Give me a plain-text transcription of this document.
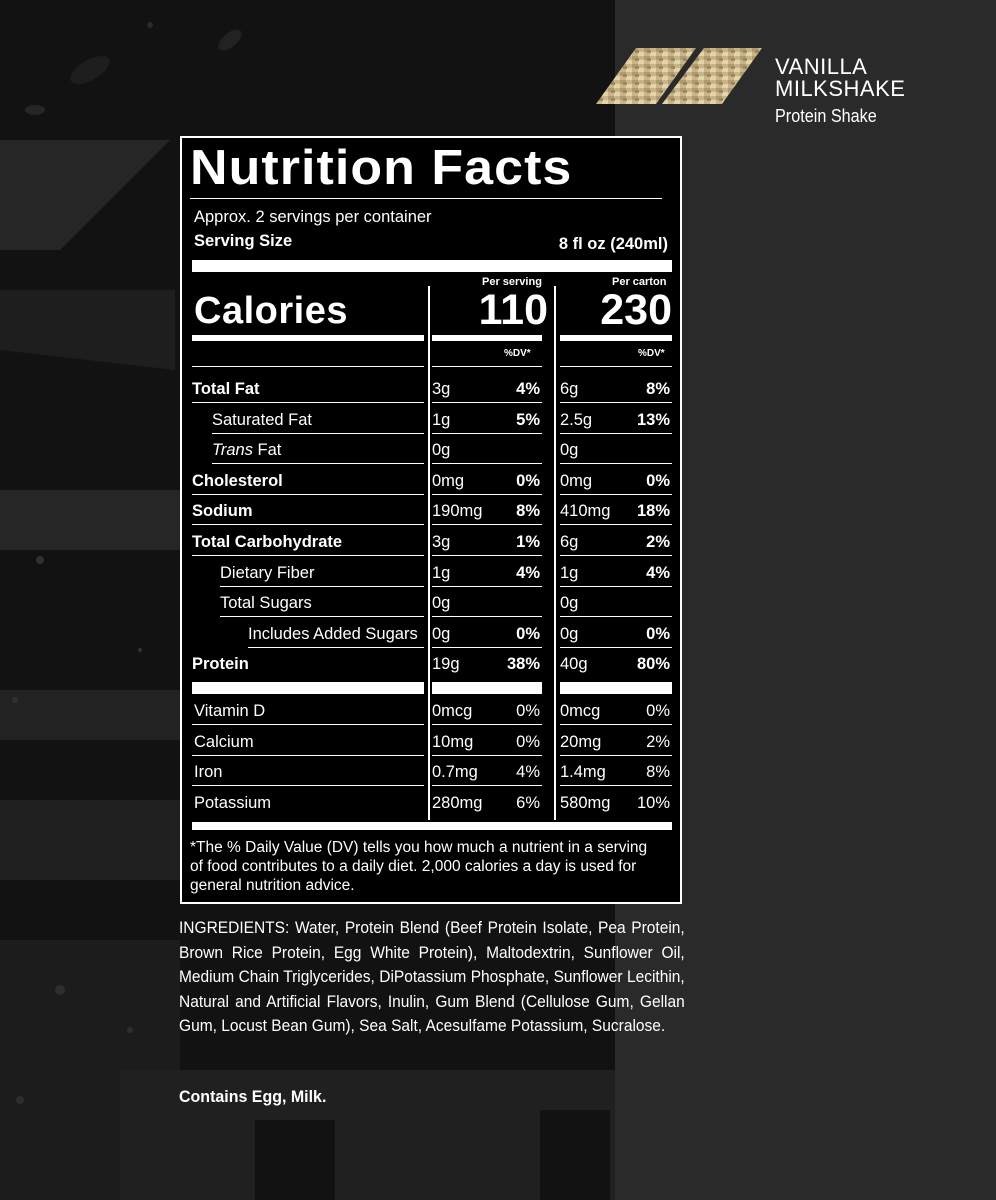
VANILLA
MILKSHAKE
Protein Shake
Nutrition Facts
Approx. 2 servings per container
Serving Size	8 fl oz (240ml)
Per serving	Per carton
Calories	110	230
%DV*	%DV*
Total Fat	3g	4% 6g	8%
Saturated Fat	1g	5% 2.5g	13%
Trans Fat	0g	0g
Cholesterol	0mg	0% 0mg	0%
Sodium	190mg 8% 410mg 18%
Total Carbohydrate	3g	1% 6g	2%
Dietary Fiber	1g	4% 1g	4%
Total Sugars	0g	0g
Includes Added Sugars 0g	0% 0g	0%
Protein	19g	38% 40g	80%
Vitamin D	0mcg	0% 0mcg	0%
Calcium	10mg	0% 20mg	2%
Iron	0.7mg 4% 1.4mg 8%
Potassium	280mg 6% 580mg 10%
*The % Daily Value (DV) tells you how much a nutrient in a serving of food contributes to a daily diet. 2,000 calories a day is used for general nutrition advice.
INGREDIENTS: Water, Protein Blend (Beef Protein Isolate, Pea Protein, Brown Rice Protein, Egg White Protein), Maltodextrin, Sunflower Oil, Medium Chain Triglycerides, DiPotassium Phosphate, Sunflower Lecithin, Natural and Artificial Flavors, Inulin, Gum Blend (Cellulose Gum, Gellan Gum, Locust Bean Gum), Sea Salt, Acesulfame Potassium, Sucralose.
Contains Egg, Milk.
